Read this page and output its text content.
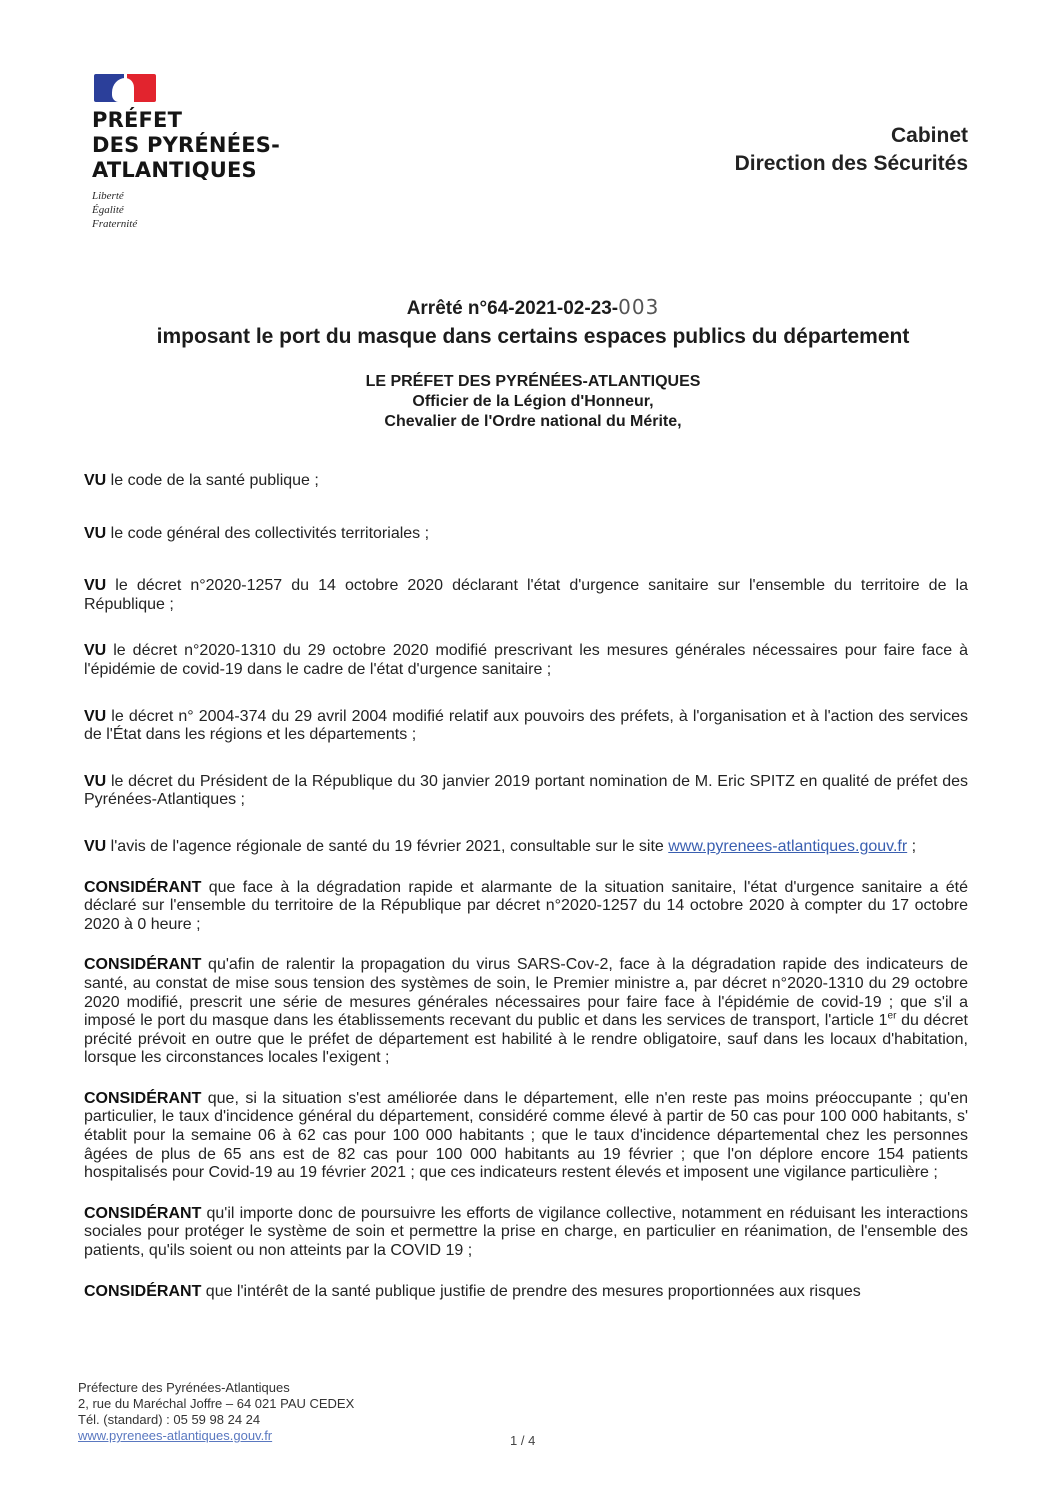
PRÉFET
DES PYRÉNÉES-
ATLANTIQUES
Liberté
Égalité
Fraternité
Cabinet
Direction des Sécurités
Arrêté n°64-2021-02-23-003
imposant le port du masque dans certains espaces publics du département
LE PRÉFET DES PYRÉNÉES-ATLANTIQUES
Officier de la Légion d'Honneur,
Chevalier de l'Ordre national du Mérite,

VU le code de la santé publique ;

VU le code général des collectivités territoriales ;

VU le décret n°2020-1257 du 14 octobre 2020 déclarant l'état d'urgence sanitaire sur l'ensemble du territoire de la République ;

VU le décret n°2020-1310 du 29 octobre 2020 modifié prescrivant les mesures générales nécessaires pour faire face à l'épidémie de covid-19 dans le cadre de l'état d'urgence sanitaire ;

VU le décret n° 2004-374 du 29 avril 2004 modifié relatif aux pouvoirs des préfets, à l'organisation et à l'action des services de l'État dans les régions et les départements ;

VU le décret du Président de la République du 30 janvier 2019 portant nomination de M. Eric SPITZ en qualité de préfet des Pyrénées-Atlantiques ;

VU l'avis de l'agence régionale de santé du 19 février 2021, consultable sur le site www.pyrenees-atlantiques.gouv.fr ;

CONSIDÉRANT que face à la dégradation rapide et alarmante de la situation sanitaire, l'état d'urgence sanitaire a été déclaré sur l'ensemble du territoire de la République par décret n°2020-1257 du 14 octobre 2020 à compter du 17 octobre 2020 à 0 heure ;

CONSIDÉRANT qu'afin de ralentir la propagation du virus SARS-Cov-2, face à la dégradation rapide des indicateurs de santé, au constat de mise sous tension des systèmes de soin, le Premier ministre a, par décret n°2020-1310 du 29 octobre 2020 modifié, prescrit une série de mesures générales nécessaires pour faire face à l'épidémie de covid-19 ; que s'il a imposé le port du masque dans les établissements recevant du public et dans les services de transport, l'article 1er du décret précité prévoit en outre que le préfet de département est habilité à le rendre obligatoire, sauf dans les locaux d'habitation, lorsque les circonstances locales l'exigent ;

CONSIDÉRANT que, si la situation s'est améliorée dans le département, elle n'en reste pas moins préoccupante ; qu'en particulier, le taux d'incidence général du département, considéré comme élevé à partir de 50 cas pour 100 000 habitants, s' établit pour la semaine 06 à 62 cas pour 100 000 habitants ; que le taux d'incidence départemental chez les personnes âgées de plus de 65 ans est de 82 cas pour 100 000 habitants au 19 février ; que l'on déplore encore 154 patients hospitalisés pour Covid-19 au 19 février 2021 ; que ces indicateurs restent élevés et imposent une vigilance particulière ;

CONSIDÉRANT qu'il importe donc de poursuivre les efforts de vigilance collective, notamment en réduisant les interactions sociales pour protéger le système de soin et permettre la prise en charge, en particulier en réanimation, de l'ensemble des patients, qu'ils soient ou non atteints par la COVID 19 ;

CONSIDÉRANT que l'intérêt de la santé publique justifie de prendre des mesures proportionnées aux risques

Préfecture des Pyrénées-Atlantiques
2, rue du Maréchal Joffre – 64 021 PAU CEDEX
Tél. (standard) : 05 59 98 24 24
www.pyrenees-atlantiques.gouv.fr	1 / 4
